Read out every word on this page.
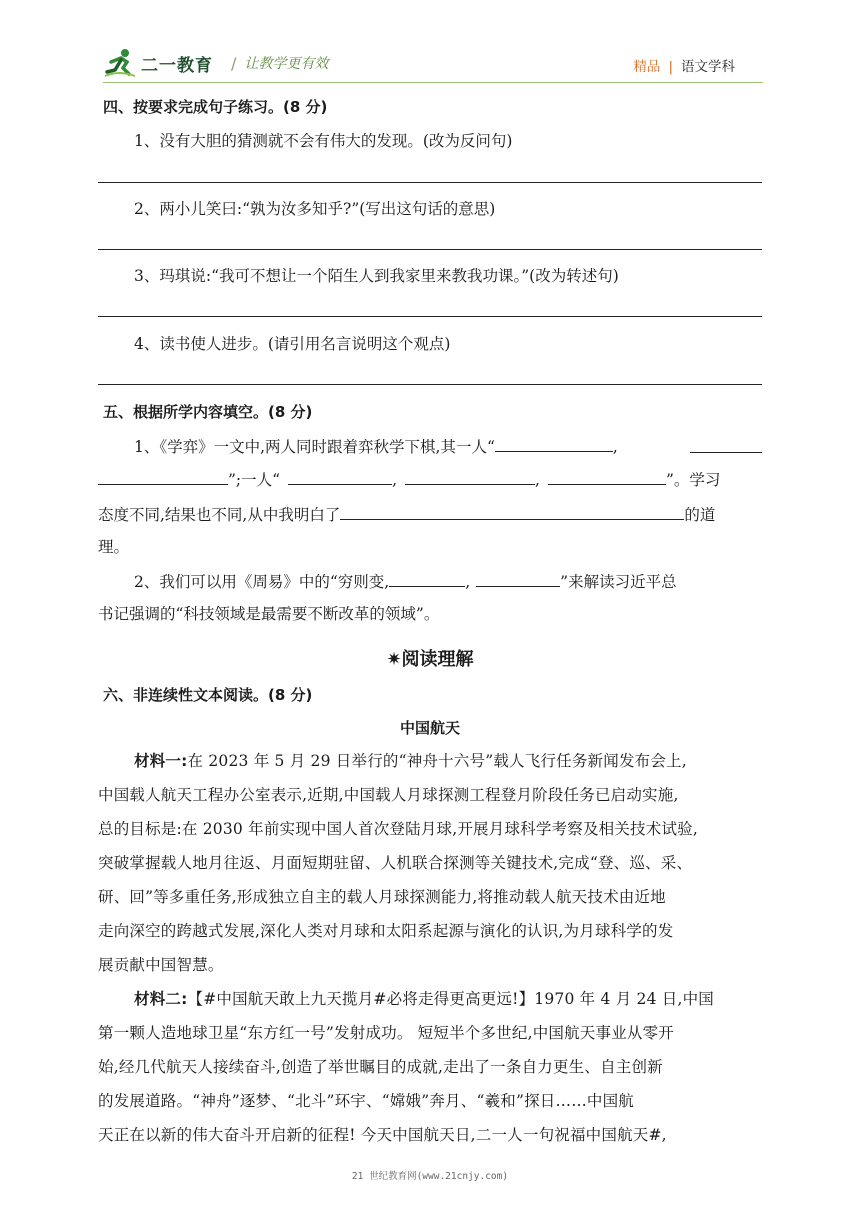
二一教育 / 让教学更有效	精品 | 语文学科
四、按要求完成句子练习。(8 分)
1、没有大胆的猜测就不会有伟大的发现。(改为反问句)
2、两小儿笑曰:“孰为汝多知乎?”(写出这句话的意思)
3、玛琪说:“我可不想让一个陌生人到我家里来教我功课。”(改为转述句)
4、读书使人进步。(请引用名言说明这个观点)
五、根据所学内容填空。(8 分)
1、《学弈》一文中,两人同时跟着弈秋学下棋,其一人“	,
”;一人“	,	,	”。学习
态度不同,结果也不同,从中我明白了	的道
理。
2、我们可以用《周易》中的“穷则变,	,	”来解读习近平总
书记强调的“科技领域是最需要不断改革的领域”。
✷阅读理解
六、非连续性文本阅读。(8 分)
中国航天
材料一:在 2023 年 5 月 29 日举行的“神舟十六号”载人飞行任务新闻发布会上,
中国载人航天工程办公室表示,近期,中国载人月球探测工程登月阶段任务已启动实施,
总的目标是:在 2030 年前实现中国人首次登陆月球,开展月球科学考察及相关技术试验,
突破掌握载人地月往返、月面短期驻留、人机联合探测等关键技术,完成“登、巡、采、
研、回”等多重任务,形成独立自主的载人月球探测能力,将推动载人航天技术由近地
走向深空的跨越式发展,深化人类对月球和太阳系起源与演化的认识,为月球科学的发
展贡献中国智慧。
材料二:【#中国航天敢上九天揽月#必将走得更高更远!】1970 年 4 月 24 日,中国
第一颗人造地球卫星“东方红一号”发射成功。 短短半个多世纪,中国航天事业从零开
始,经几代航天人接续奋斗,创造了举世瞩目的成就,走出了一条自力更生、自主创新
的发展道路。“神舟”逐梦、“北斗”环宇、“嫦娥”奔月、“羲和”探日……中国航
天正在以新的伟大奋斗开启新的征程! 今天中国航天日,二一人一句祝福中国航天#,
21 世纪教育网(www.21cnjy.com)
